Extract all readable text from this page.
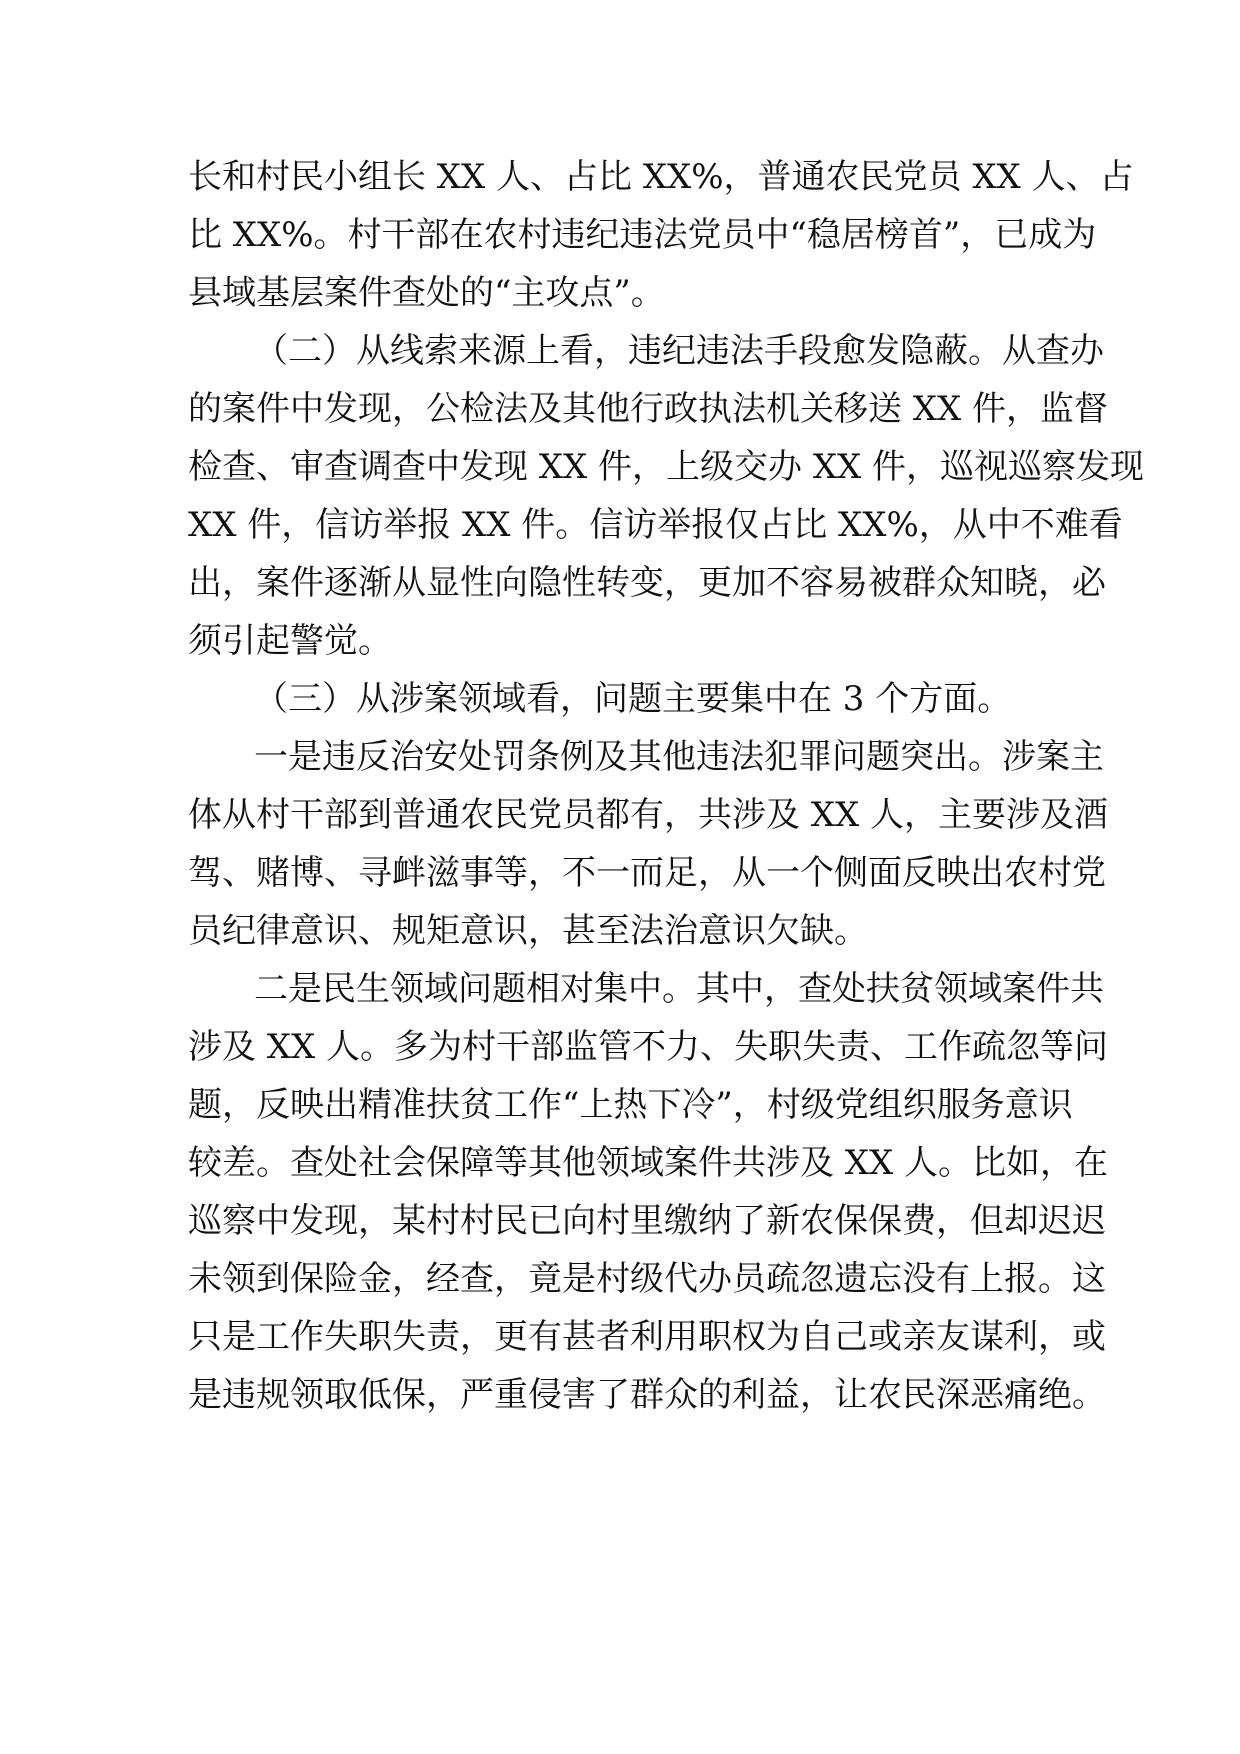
长和村民小组长 XX 人、占比 XX%，普通农民党员 XX 人、占
比 XX%。村干部在农村违纪违法党员中“稳居榜首”，已成为
县域基层案件查处的“主攻点”。
（二）从线索来源上看，违纪违法手段愈发隐蔽。从查办
的案件中发现，公检法及其他行政执法机关移送 XX 件，监督
检查、审查调查中发现 XX 件，上级交办 XX 件，巡视巡察发现
XX 件，信访举报 XX 件。信访举报仅占比 XX%，从中不难看
出，案件逐渐从显性向隐性转变，更加不容易被群众知晓，必
须引起警觉。
（三）从涉案领域看，问题主要集中在 3 个方面。
一是违反治安处罚条例及其他违法犯罪问题突出。涉案主
体从村干部到普通农民党员都有，共涉及 XX 人，主要涉及酒
驾、赌博、寻衅滋事等，不一而足，从一个侧面反映出农村党
员纪律意识、规矩意识，甚至法治意识欠缺。
二是民生领域问题相对集中。其中，查处扶贫领域案件共
涉及 XX 人。多为村干部监管不力、失职失责、工作疏忽等问
题，反映出精准扶贫工作“上热下冷”，村级党组织服务意识
较差。查处社会保障等其他领域案件共涉及 XX 人。比如，在
巡察中发现，某村村民已向村里缴纳了新农保保费，但却迟迟
未领到保险金，经查，竟是村级代办员疏忽遗忘没有上报。这
只是工作失职失责，更有甚者利用职权为自己或亲友谋利，或
是违规领取低保，严重侵害了群众的利益，让农民深恶痛绝。
